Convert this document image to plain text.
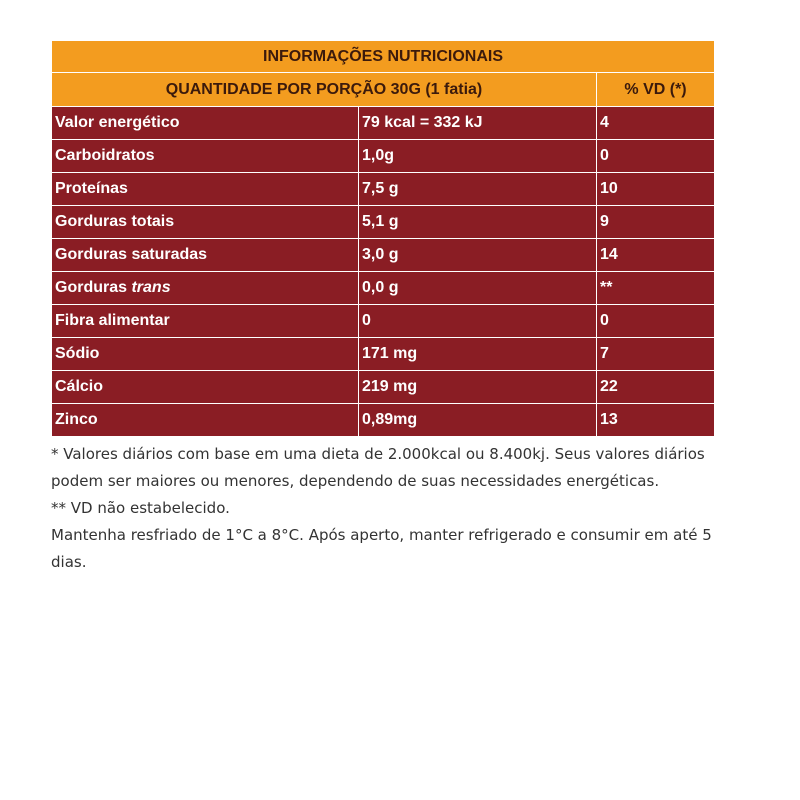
INFORMAÇÕES NUTRICIONAIS		
QUANTIDADE POR PORÇÃO 30G (1 fatia)		% VD (*)
Valor energético	79 kcal = 332 kJ	4
Carboidratos	1,0g	0
Proteínas	7,5 g	10
Gorduras totais	5,1 g	9
Gorduras saturadas	3,0 g	14
Gorduras trans	0,0 g	**
Fibra alimentar	0	0
Sódio	171 mg	7
Cálcio	219 mg	22
Zinco	0,89mg	13

* Valores diários com base em uma dieta de 2.000kcal ou 8.400kj. Seus valores diários podem ser maiores ou menores, dependendo de suas necessidades energéticas.

** VD não estabelecido.

Mantenha resfriado de 1°C a 8°C. Após aperto, manter refrigerado e consumir em até 5 dias.
